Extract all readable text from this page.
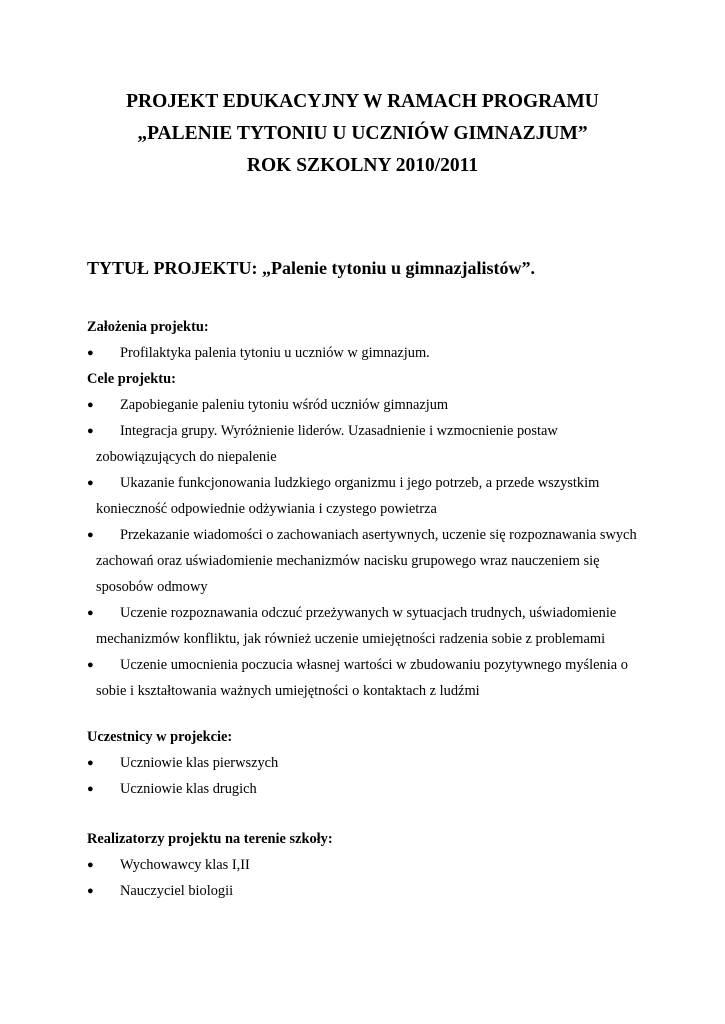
PROJEKT EDUKACYJNY W RAMACH PROGRAMU
„PALENIE TYTONIU U UCZNIÓW GIMNAZJUM”
ROK SZKOLNY 2010/2011
TYTUŁ PROJEKTU: „Palenie tytoniu u gimnazjalistów”.
Założenia projektu:
●	Profilaktyka palenia tytoniu u uczniów w gimnazjum.
Cele projektu:
●	Zapobieganie paleniu tytoniu wśród uczniów gimnazjum
●	Integracja grupy. Wyróżnienie liderów. Uzasadnienie i wzmocnienie postaw zobowiązujących do niepalenie
●	Ukazanie funkcjonowania ludzkiego organizmu i jego potrzeb, a przede wszystkim konieczność odpowiednie odżywiania i czystego powietrza
●	Przekazanie wiadomości o zachowaniach asertywnych, uczenie się rozpoznawania swych zachowań oraz uświadomienie mechanizmów nacisku grupowego wraz nauczeniem się sposobów odmowy
●	Uczenie rozpoznawania odczuć przeżywanych w sytuacjach trudnych, uświadomienie mechanizmów konfliktu, jak również uczenie umiejętności radzenia sobie z problemami
●	Uczenie umocnienia poczucia własnej wartości w zbudowaniu pozytywnego myślenia o sobie i kształtowania ważnych umiejętności o kontaktach z ludźmi
Uczestnicy w projekcie:
●	Uczniowie klas pierwszych
●	Uczniowie klas drugich
Realizatorzy projektu na terenie szkoły:
●	Wychowawcy klas I,II
●	Nauczyciel biologii
